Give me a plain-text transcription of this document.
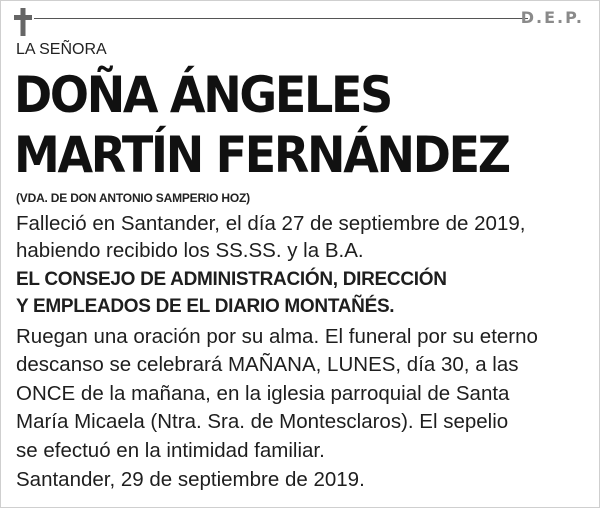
D.E.P.
LA SEÑORA
DOÑA ÁNGELES
MARTÍN FERNÁNDEZ
(VDA. DE DON ANTONIO SAMPERIO HOZ)
Falleció en Santander, el día 27 de septiembre de 2019,
habiendo recibido los SS.SS. y la B.A.
EL CONSEJO DE ADMINISTRACIÓN, DIRECCIÓN
Y EMPLEADOS DE EL DIARIO MONTAÑÉS.
Ruegan una oración por su alma. El funeral por su eterno
descanso se celebrará MAÑANA, LUNES, día 30, a las
ONCE de la mañana, en la iglesia parroquial de Santa
María Micaela (Ntra. Sra. de Montesclaros). El sepelio
se efectuó en la intimidad familiar.
Santander, 29 de septiembre de 2019.
